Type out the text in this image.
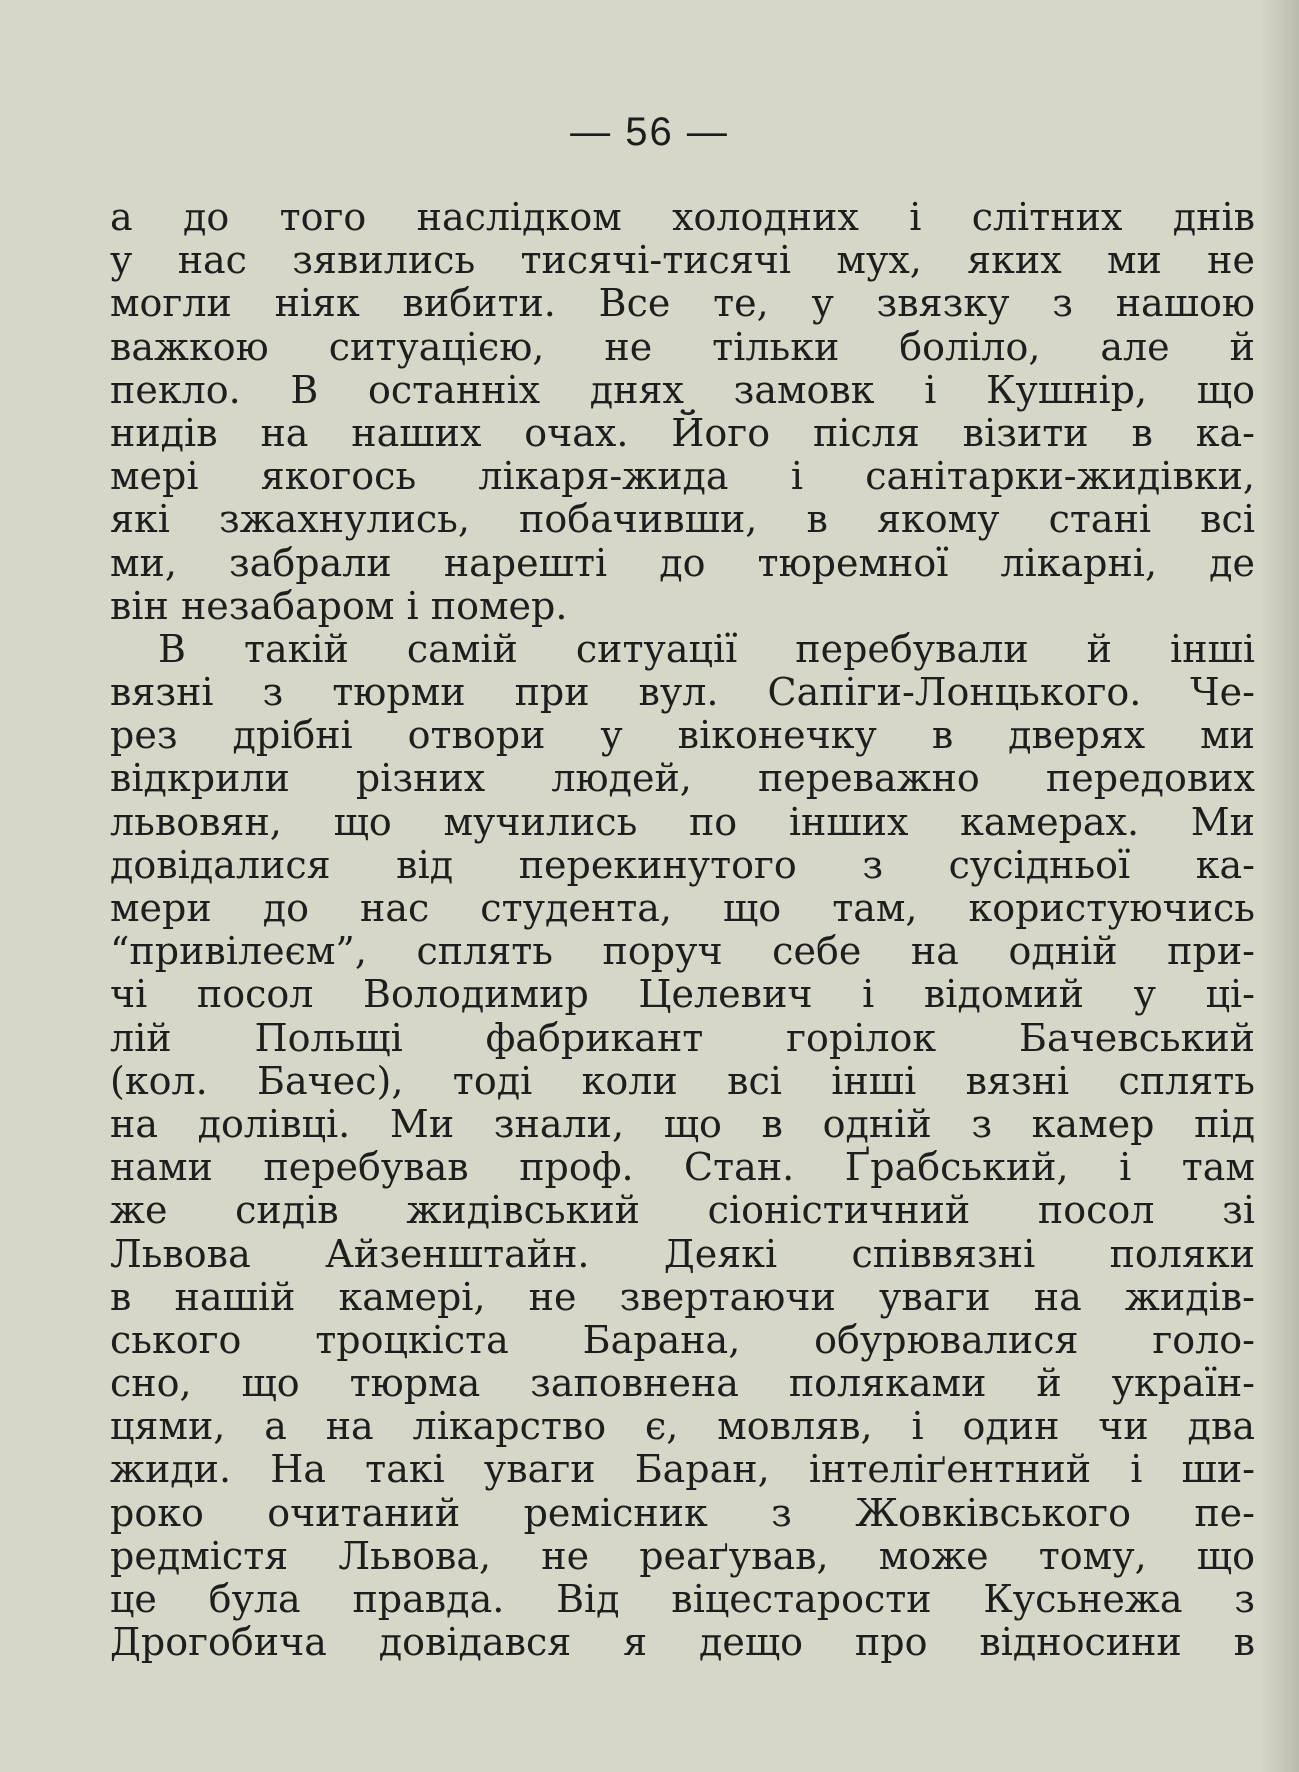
— 56 —
а до того наслідком холодних і слітних днів
у нас зявились тисячі-тисячі мух, яких ми не
могли ніяк вибити. Все те, у звязку з нашою
важкою ситуацією, не тільки боліло, але й
пекло. В останніх днях замовк і Кушнір, що
нидів на наших очах. Його після візити в ка-
мері якогось лікаря-жида і санітарки-жидівки,
які зжахнулись, побачивши, в якому стані всі
ми, забрали нарешті до тюремної лікарні, де
він незабаром і помер.
В такій самій ситуації перебували й інші
вязні з тюрми при вул. Сапіги-Лонцького. Че-
рез дрібні отвори у віконечку в дверях ми
відкрили різних людей, переважно передових
львовян, що мучились по інших камерах. Ми
довідалися від перекинутого з сусідньої ка-
мери до нас студента, що там, користуючись
“привілеєм”, сплять поруч себе на одній при-
чі посол Володимир Целевич і відомий у ці-
лій Польщі фабрикант горілок Бачевський
(кол. Бачес), тоді коли всі інші вязні сплять
на долівці. Ми знали, що в одній з камер під
нами перебував проф. Стан. Ґрабський, і там
же сидів жидівський сіоністичний посол зі
Львова Айзенштайн. Деякі співвязні поляки
в нашій камері, не звертаючи уваги на жидів-
ського троцкіста Барана, обурювалися голо-
сно, що тюрма заповнена поляками й україн-
цями, а на лікарство є, мовляв, і один чи два
жиди. На такі уваги Баран, інтеліґентний і ши-
роко очитаний ремісник з Жовківського пе-
редмістя Львова, не реаґував, може тому, що
це була правда. Від віцестарости Кусьнежа з
Дрогобича довідався я дещо про відносини в
